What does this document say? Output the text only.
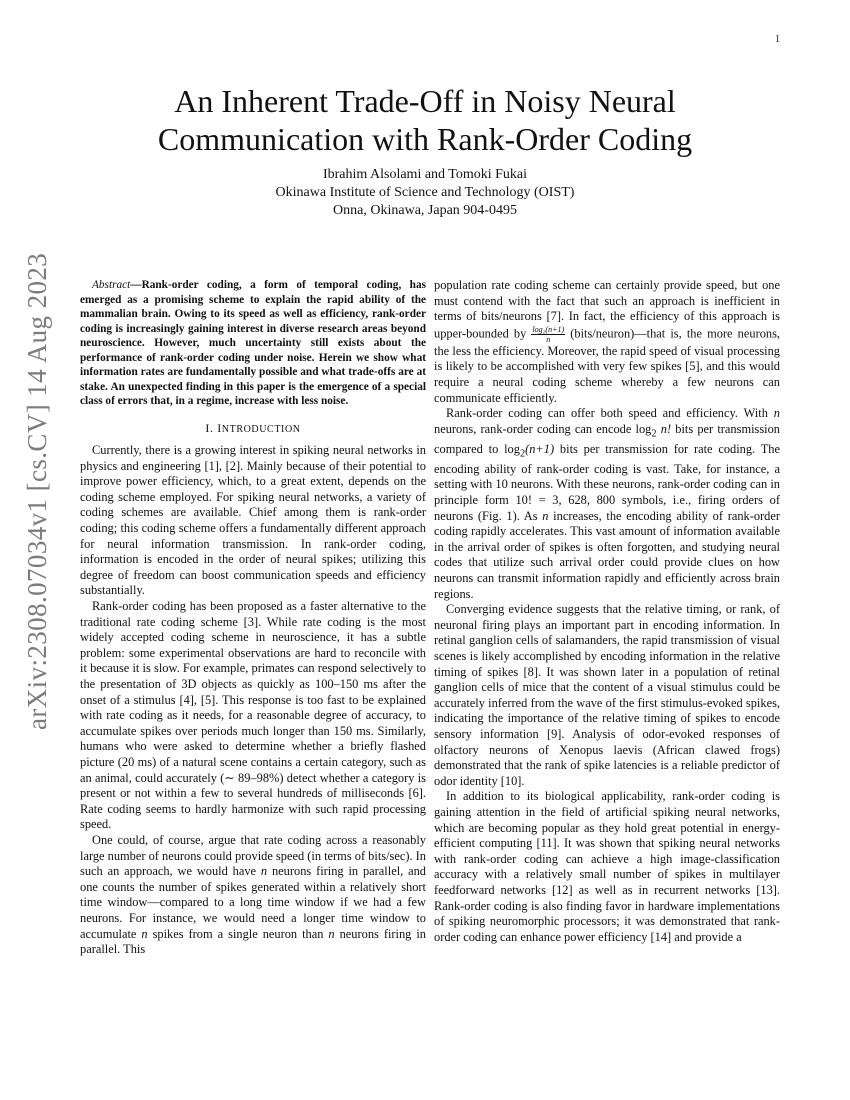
1
arXiv:2308.07034v1 [cs.CV] 14 Aug 2023
An Inherent Trade-Off in Noisy Neural
Communication with Rank-Order Coding
Ibrahim Alsolami and Tomoki Fukai
Okinawa Institute of Science and Technology (OIST)
Onna, Okinawa, Japan 904-0495

Abstract—Rank-order coding, a form of temporal coding, has emerged as a promising scheme to explain the rapid ability of the mammalian brain. Owing to its speed as well as efficiency, rank-order coding is increasingly gaining interest in diverse research areas beyond neuroscience. However, much uncertainty still exists about the performance of rank-order coding under noise. Herein we show what information rates are fundamentally possible and what trade-offs are at stake. An unexpected finding in this paper is the emergence of a special class of errors that, in a regime, increase with less noise.

I. INTRODUCTION

Currently, there is a growing interest in spiking neural networks in physics and engineering [1], [2]. Mainly because of their potential to improve power efficiency, which, to a great extent, depends on the coding scheme employed. For spiking neural networks, a variety of coding schemes are available. Chief among them is rank-order coding; this coding scheme offers a fundamentally different approach for neural information transmission. In rank-order coding, information is encoded in the order of neural spikes; utilizing this degree of freedom can boost communication speeds and efficiency substantially.

Rank-order coding has been proposed as a faster alternative to the traditional rate coding scheme [3]. While rate coding is the most widely accepted coding scheme in neuroscience, it has a subtle problem: some experimental observations are hard to reconcile with it because it is slow. For example, primates can respond selectively to the presentation of 3D objects as quickly as 100–150 ms after the onset of a stimulus [4], [5]. This response is too fast to be explained with rate coding as it needs, for a reasonable degree of accuracy, to accumulate spikes over periods much longer than 150 ms. Similarly, humans who were asked to determine whether a briefly flashed picture (20 ms) of a natural scene contains a certain category, such as an animal, could accurately (∼ 89–98%) detect whether a category is present or not within a few to several hundreds of milliseconds [6]. Rate coding seems to hardly harmonize with such rapid processing speed.

One could, of course, argue that rate coding across a reasonably large number of neurons could provide speed (in terms of bits/sec). In such an approach, we would have n neurons firing in parallel, and one counts the number of spikes generated within a relatively short time window—compared to a long time window if we had a few neurons. For instance, we would need a longer time window to accumulate n spikes from a single neuron than n neurons firing in parallel. This

population rate coding scheme can certainly provide speed, but one must contend with the fact that such an approach is inefficient in terms of bits/neurons [7]. In fact, the efficiency of this approach is upper-bounded by $\frac{\text{log₂(n+1)}}{n}$ (bits/neuron)—that is, the more neurons, the less the efficiency. Moreover, the rapid speed of visual processing is likely to be accomplished with very few spikes [5], and this would require a neural coding scheme whereby a few neurons can communicate efficiently.

Rank-order coding can offer both speed and efficiency. With n neurons, rank-order coding can encode $\log_2 n$! bits per transmission compared to $\log_2(n+1)$ bits per transmission for rate coding. The encoding ability of rank-order coding is vast. Take, for instance, a setting with 10 neurons. With these neurons, rank-order coding can in principle form 10! = 3, 628, 800 symbols, i.e., firing orders of neurons (Fig. 1). As n increases, the encoding ability of rank-order coding rapidly accelerates. This vast amount of information available in the arrival order of spikes is often forgotten, and studying neural codes that utilize such arrival order could provide clues on how neurons can transmit information rapidly and efficiently across brain regions.

Converging evidence suggests that the relative timing, or rank, of neuronal firing plays an important part in encoding information. In retinal ganglion cells of salamanders, the rapid transmission of visual scenes is likely accomplished by encoding information in the relative timing of spikes [8]. It was shown later in a population of retinal ganglion cells of mice that the content of a visual stimulus could be accurately inferred from the wave of the first stimulus-evoked spikes, indicating the importance of the relative timing of spikes to encode sensory information [9]. Analysis of odor-evoked responses of olfactory neurons of Xenopus laevis (African clawed frogs) demonstrated that the rank of spike latencies is a reliable predictor of odor identity [10].

In addition to its biological applicability, rank-order coding is gaining attention in the field of artificial spiking neural networks, which are becoming popular as they hold great potential in energy-efficient computing [11]. It was shown that spiking neural networks with rank-order coding can achieve a high image-classification accuracy with a relatively small number of spikes in multilayer feedforward networks [12] as well as in recurrent networks [13]. Rank-order coding is also finding favor in hardware implementations of spiking neuromorphic processors; it was demonstrated that rank-order coding can enhance power efficiency [14] and provide a
